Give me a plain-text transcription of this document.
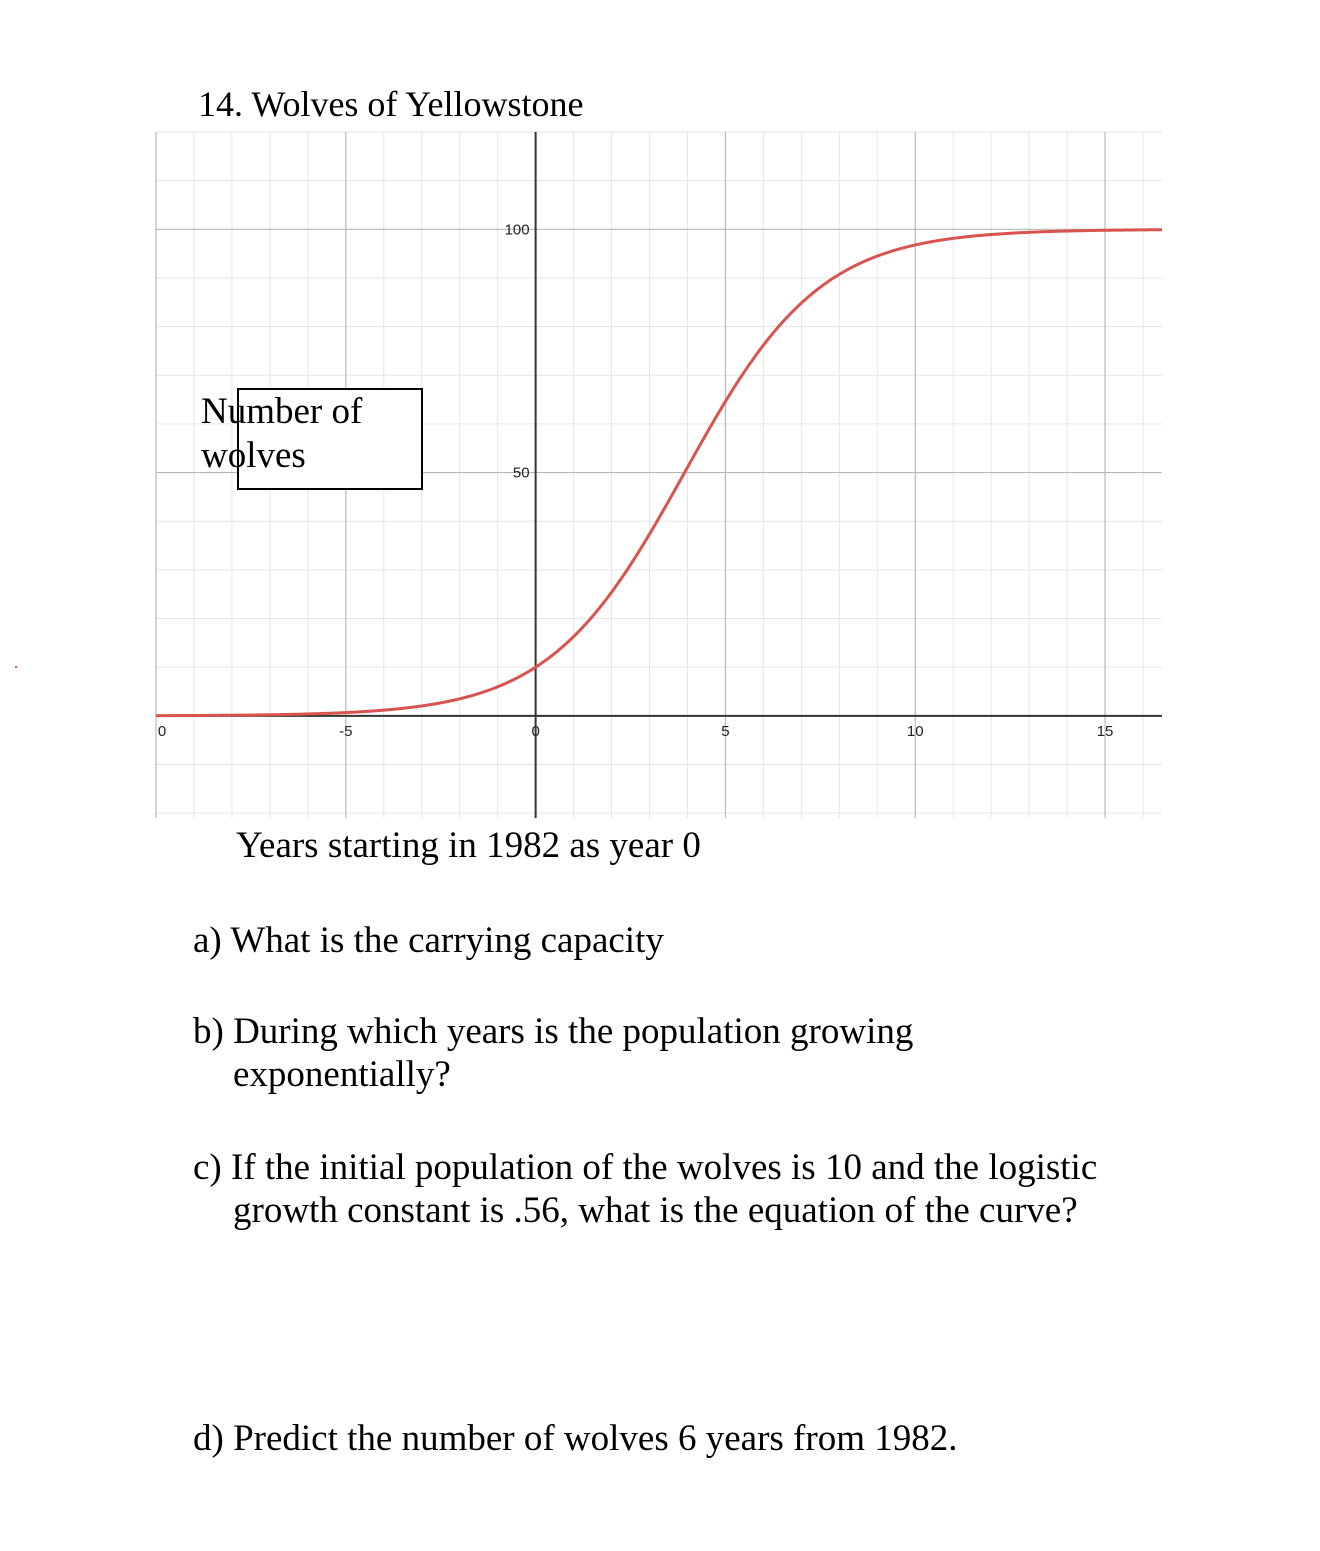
14. Wolves of Yellowstone
0	-5	0	5	10	15
50
100
Number of
wolves
Years starting in 1982 as year 0
a) What is the carrying capacity
b) During which years is the population growing
exponentially?
c) If the initial population of the wolves is 10 and the logistic
growth constant is .56, what is the equation of the curve?
d) Predict the number of wolves 6 years from 1982.
